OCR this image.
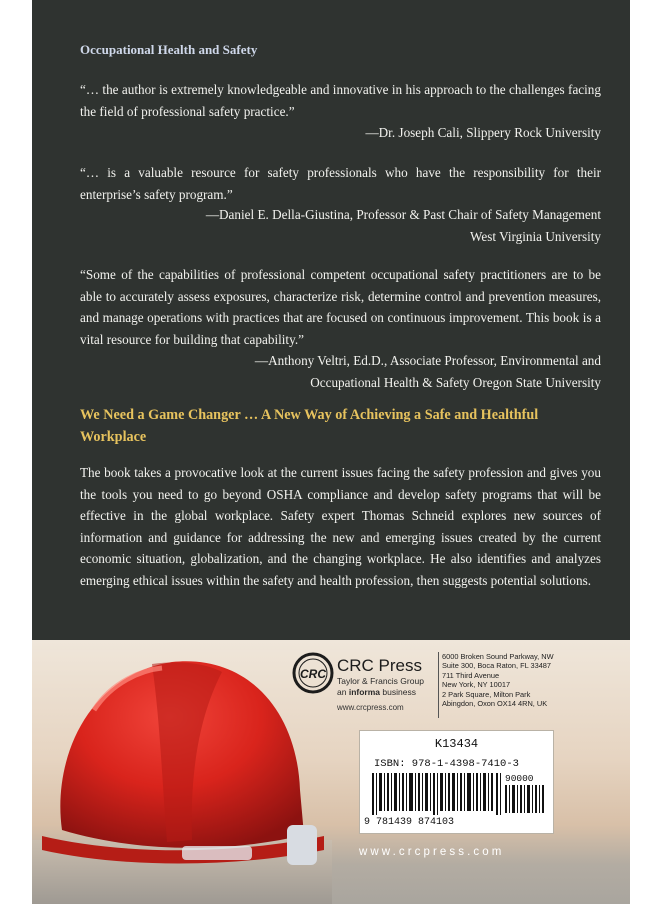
Occupational Health and Safety
“… the author is extremely knowledgeable and innovative in his approach to the challenges facing the field of professional safety practice.”
—Dr. Joseph Cali, Slippery Rock University
“… is a valuable resource for safety professionals who have the responsibility for their enterprise’s safety program.”
—Daniel E. Della-Giustina, Professor & Past Chair of Safety Management
West Virginia University
“Some of the capabilities of professional competent occupational safety practitioners are to be able to accurately assess exposures, characterize risk, determine control and prevention measures, and manage operations with practices that are focused on continuous improvement. This book is a vital resource for building that capability.”
—Anthony Veltri, Ed.D., Associate Professor, Environmental and
Occupational Health & Safety Oregon State University
We Need a Game Changer … A New Way of Achieving a Safe and Healthful Workplace
The book takes a provocative look at the current issues facing the safety profession and gives you the tools you need to go beyond OSHA compliance and develop safety programs that will be effective in the global workplace. Safety expert Thomas Schneid explores new sources of information and guidance for addressing the new and emerging issues created by the current economic situation, globalization, and the changing workplace. He also identifies and analyzes emerging ethical issues within the safety and health profession, then suggests potential solutions.
CRC CRC Press
Taylor & Francis Group
an informa business
www.crcpress.com
6000 Broken Sound Parkway, NW
Suite 300, Boca Raton, FL 33487
711 Third Avenue
New York, NY 10017
2 Park Square, Milton Park
Abingdon, Oxon OX14 4RN, UK
K13434
ISBN: 978-1-4398-7410-3
90000
9 781439 874103
www.crcpress.com
